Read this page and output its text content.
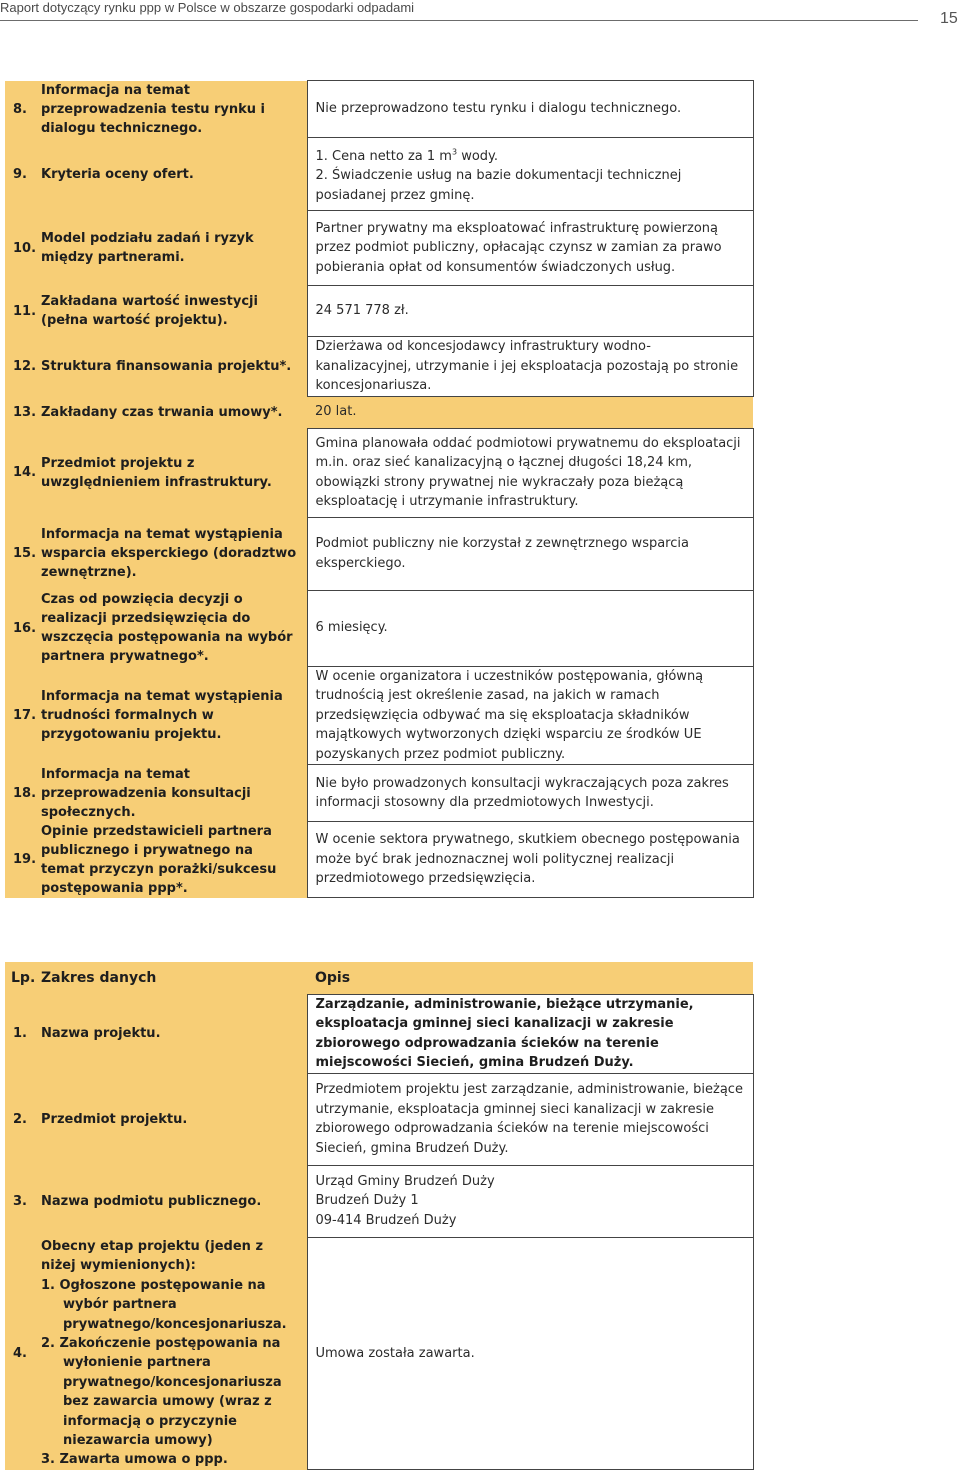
Raport dotyczący rynku ppp w Polsce w obszarze gospodarki odpadami
15
8.	Informacja na temat przeprowadzenia testu rynku i dialogu technicznego.	Nie przeprowadzono testu rynku i dialogu technicznego.
9.	Kryteria oceny ofert.	1. Cena netto za 1 $m^3$ wody.
2. Świadczenie usług na bazie dokumentacji technicznej posiadanej przez gminę.
10.	Model podziału zadań i ryzyk między partnerami.	Partner prywatny ma eksploatować infrastrukturę powierzoną przez podmiot publiczny, opłacając czynsz w zamian za prawo pobierania opłat od konsumentów świadczonych usług.
11.	Zakładana wartość inwestycji (pełna wartość projektu).	24 571 778 zł.
12.	Struktura finansowania projektu*.	Dzierżawa od koncesjodawcy infrastruktury wodno-kanalizacyjnej, utrzymanie i jej eksploatacja pozostają po stronie koncesjonariusza.
13.	Zakładany czas trwania umowy*.	20 lat.
14.	Przedmiot projektu z uwzględnieniem infrastruktury.	Gmina planowała oddać podmiotowi prywatnemu do eksploatacji m.in. oraz sieć kanalizacyjną o łącznej długości 18,24 km, obowiązki strony prywatnej nie wykraczały poza bieżącą eksploatację i utrzymanie infrastruktury.
15.	Informacja na temat wystąpienia wsparcia eksperckiego (doradztwo zewnętrzne).	Podmiot publiczny nie korzystał z zewnętrznego wsparcia eksperckiego.
16.	Czas od powzięcia decyzji o realizacji przedsięwzięcia do wszczęcia postępowania na wybór partnera prywatnego*.	6 miesięcy.
17.	Informacja na temat wystąpienia trudności formalnych w przygotowaniu projektu.	W ocenie organizatora i uczestników postępowania, główną trudnością jest określenie zasad, na jakich w ramach przedsięwzięcia odbywać ma się eksploatacja składników majątkowych wytworzonych dzięki wsparciu ze środków UE pozyskanych przez podmiot publiczny.
18.	Informacja na temat przeprowadzenia konsultacji społecznych.	Nie było prowadzonych konsultacji wykraczających poza zakres informacji stosowny dla przedmiotowych Inwestycji.
19.	Opinie przedstawicieli partnera publicznego i prywatnego na temat przyczyn porażki/sukcesu postępowania ppp*.	W ocenie sektora prywatnego, skutkiem obecnego postępowania może być brak jednoznacznej woli politycznej realizacji przedmiotowego przedsięwzięcia.
Lp.	Zakres danych	Opis
1.	Nazwa projektu.	Zarządzanie, administrowanie, bieżące utrzymanie, eksploatacja gminnej sieci kanalizacji w zakresie zbiorowego odprowadzania ścieków na terenie miejscowości Siecień, gmina Brudzeń Duży.
2.	Przedmiot projektu.	Przedmiotem projektu jest zarządzanie, administrowanie, bieżące utrzymanie, eksploatacja gminnej sieci kanalizacji w zakresie zbiorowego odprowadzania ścieków na terenie miejscowości Siecień, gmina Brudzeń Duży.
3.	Nazwa podmiotu publicznego.	Urząd Gminy Brudzeń Duży
Brudzeń Duży 1
09-414 Brudzeń Duży

4.	Obecny etap projektu (jeden z niżej wymienionych):
1. Ogłoszone postępowanie na wybór partnera prywatnego/koncesjonariusza.
2. Zakończenie postępowania na wyłonienie partnera prywatnego/koncesjonariusza bez zawarcia umowy (wraz z informacją o przyczynie niezawarcia umowy)
3. Zawarta umowa o ppp.	Umowa została zawarta.
